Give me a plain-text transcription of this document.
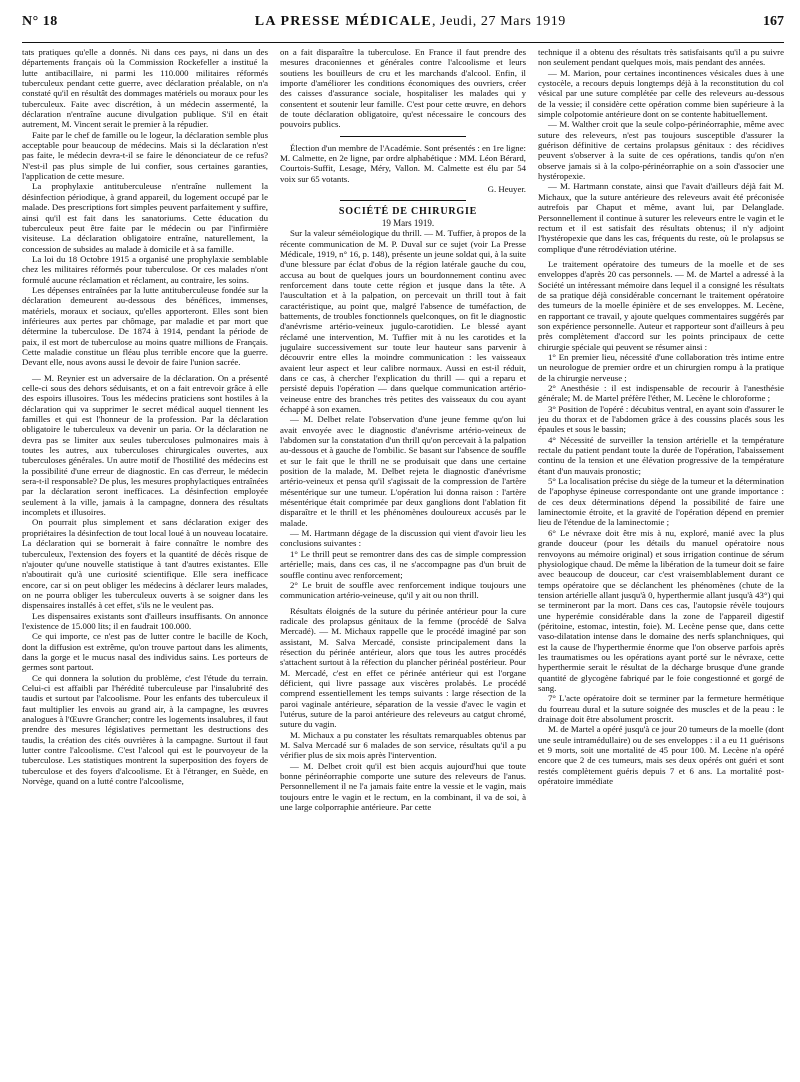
N° 18	LA PRESSE MÉDICALE, Jeudi, 27 Mars 1919	167

tats pratiques qu'elle a donnés. Ni dans ces pays, ni dans un des départements français où la Commission Rockefeller a institué la lutte antibacillaire, ni parmi les 110.000 militaires réformés tuberculeux pendant cette guerre, avec déclaration préalable, on n'a constaté qu'il en résultât des dommages matériels ou moraux pour les tuberculeux. Faite avec discrétion, à un médecin assermenté, la déclaration n'entraîne aucune divulgation publique. S'il en était autrement, M. Vincent serait le premier à la répudier.

Faite par le chef de famille ou le logeur, la déclaration semble plus acceptable pour beaucoup de médecins. Mais si la déclaration n'est pas faite, le médecin devra-t-il se faire le dénonciateur de ce refus? N'est-il pas plus simple de lui confier, sous certaines garanties, l'application de cette mesure.

La prophylaxie antituberculeuse n'entraîne nullement la désinfection périodique, à grand appareil, du logement occupé par le malade. Des prescriptions fort simples peuvent parfaitement y suffire, ainsi qu'il est fait dans les sanatoriums. Cette éducation du tuberculeux peut être faite par le médecin ou par l'infirmière visiteuse. La déclaration obligatoire entraîne, naturellement, la concession de subsides au malade à domicile et à sa famille.

La loi du 18 Octobre 1915 a organisé une prophylaxie semblable chez les militaires réformés pour tuberculose. Or ces malades n'ont formulé aucune réclamation et réclament, au contraire, les soins.

Les dépenses entraînées par la lutte antituberculeuse fondée sur la déclaration demeurent au-dessous des bénéfices, immenses, matériels, moraux et sociaux, qu'elles apporteront. Elles sont bien inférieures aux pertes par chômage, par maladie et par mort que détermine la tuberculose. De 1874 à 1914, pendant la période de paix, il est mort de tuberculose au moins quatre millions de Français. Cette maladie constitue un fléau plus terrible encore que la guerre. Devant elle, nous avons aussi le devoir de faire l'union sacrée.

— M. Reynier est un adversaire de la déclaration. On a présenté celle-ci sous des dehors séduisants, et on a fait entrevoir grâce à elle des espoirs illusoires. Tous les médecins praticiens sont hostiles à la déclaration qui va supprimer le secret médical auquel tiennent les familles et qui est l'honneur de la profession. Par la déclaration obligatoire le tuberculeux va devenir un paria. Or la déclaration ne devra pas se limiter aux seules tuberculoses pulmonaires mais à toutes les autres, aux tuberculoses chirurgicales ouvertes, aux tuberculoses générales. Un autre motif de l'hostilité des médecins est la possibilité d'une erreur de diagnostic. En cas d'erreur, le médecin sera-t-il responsable? De plus, les mesures prophylactiques entraînées par la déclaration seront inefficaces. La désinfection employée seulement à la ville, jamais à la campagne, donnera des résultats incomplets et illusoires.

On pourrait plus simplement et sans déclaration exiger des propriétaires la désinfection de tout local loué à un nouveau locataire. La déclaration qui se bornerait à faire connaître le nombre des tuberculeux, l'extension des foyers et la quantité de décès risque de n'ajouter qu'une nouvelle statistique à tant d'autres existantes. Elle n'aboutirait qu'à une curiosité scientifique. Elle sera inefficace encore, car si on peut obliger les médecins à déclarer leurs malades, on ne pourra obliger les tuberculeux ouverts à se soigner dans les dispensaires installés à cet effet, s'ils ne le veulent pas.

Les dispensaires existants sont d'ailleurs insuffisants. On annonce l'existence de 15.000 lits; il en faudrait 100.000.

Ce qui importe, ce n'est pas de lutter contre le bacille de Koch, dont la diffusion est extrême, qu'on trouve partout dans les aliments, dans la gorge et le mucus nasal des individus sains. Les porteurs de germes sont partout.

Ce qui donnera la solution du problème, c'est l'étude du terrain. Celui-ci est affaibli par l'hérédité tuberculeuse par l'insalubrité des taudis et surtout par l'alcoolisme. Pour les enfants des tuberculeux il faut multiplier les envois au grand air, à la campagne, les œuvres analogues à l'Œuvre Grancher; contre les logements insalubres, il faut prendre des mesures législatives permettant les destructions des taudis, la création des cités ouvrières à la campagne. Surtout il faut lutter contre l'alcoolisme. C'est l'alcool qui est le pourvoyeur de la tuberculose. Les statistiques montrent la superposition des foyers de tuberculose et des foyers d'alcoolisme. Et à l'étranger, en Suède, en Norvège, quand on a lutté contre l'alcoolisme,

on a fait disparaître la tuberculose. En France il faut prendre des mesures draconiennes et générales contre l'alcoolisme et leurs soutiens les bouilleurs de cru et les marchands d'alcool. Enfin, il importe d'améliorer les conditions économiques des ouvriers, créer des caisses d'assurance sociale, hospitaliser les malades qui y consentent et soutenir leur famille. C'est pour cette œuvre, en dehors de toute déclaration obligatoire, qu'est nécessaire le concours des pouvoirs publics.

Élection d'un membre de l'Académie. Sont présentés : en 1re ligne: M. Calmette, en 2e ligne, par ordre alphabétique : MM. Léon Bérard, Courtois-Suffit, Lesage, Méry, Vallon. M. Calmette est élu par 54 voix sur 65 votants.

G. Heuyer.

SOCIÉTÉ DE CHIRURGIE

19 Mars 1919.

Sur la valeur séméiologique du thrill. — M. Tuffier, à propos de la récente communication de M. P. Duval sur ce sujet (voir La Presse Médicale, 1919, n° 16, p. 148), présente un jeune soldat qui, à la suite d'une blessure par éclat d'obus de la région latérale gauche du cou, accusa au bout de quelques jours un bourdonnement continu avec renforcement dans toute cette région et jusque dans la tête. A l'auscultation et à la palpation, on percevait un thrill tout à fait caractéristique, au point que, malgré l'absence de tuméfaction, de battements, de troubles fonctionnels quelconques, on fit le diagnostic d'anévrisme artério-veineux jugulo-carotidien. Le blessé ayant réclamé une intervention, M. Tuffier mit à nu les carotides et la jugulaire successivement sur toute leur hauteur sans parvenir à découvrir entre elles la moindre communication : les vaisseaux avaient leur aspect et leur calibre normaux. Aussi en est-il réduit, dans ce cas, à chercher l'explication du thrill — qui a reparu et persisté depuis l'opération — dans quelque communication artério-veineuse entre des branches très petites des vaisseaux du cou ayant échappé à son examen.

— M. Delbet relate l'observation d'une jeune femme qu'on lui avait envoyée avec le diagnostic d'anévrisme artério-veineux de l'abdomen sur la constatation d'un thrill qu'on percevait à la palpation au-dessous et à gauche de l'ombilic. Se basant sur l'absence de souffle et sur le fait que le thrill ne se produisait que dans une certaine position de la malade, M. Delbet rejeta le diagnostic d'anévrisme artério-veineux et pensa qu'il s'agissait de la compression de l'artère mésentérique sur une tumeur. L'opération lui donna raison : l'artère mésentérique était comprimée par deux ganglions dont l'ablation fit disparaître et le thrill et les phénomènes douloureux accusés par le malade.

— M. Hartmann dégage de la discussion qui vient d'avoir lieu les conclusions suivantes :

1° Le thrill peut se remontrer dans des cas de simple compression artérielle; mais, dans ces cas, il ne s'accompagne pas d'un bruit de souffle continu avec renforcement;

2° Le bruit de souffle avec renforcement indique toujours une communication artério-veineuse, qu'il y ait ou non thrill.

Résultats éloignés de la suture du périnée antérieur pour la cure radicale des prolapsus génitaux de la femme (procédé de Salva Mercadé). — M. Michaux rappelle que le procédé imaginé par son assistant, M. Salva Mercadé, consiste principalement dans la résection du périnée antérieur, alors que tous les autres procédés s'attachent surtout à la réfection du plancher périnéal postérieur. Pour M. Mercadé, c'est en effet ce périnée antérieur qui est l'organe déficient, qui livre passage aux viscères prolabés. Le procédé comprend essentiellement les temps suivants : large résection de la paroi vaginale antérieure, séparation de la vessie d'avec le vagin et l'utérus, suture de la paroi antérieure des releveurs au catgut chromé, suture du vagin.

M. Michaux a pu constater les résultats remarquables obtenus par M. Salva Mercadé sur 6 malades de son service, résultats qu'il a pu vérifier plus de six mois après l'intervention.

— M. Delbet croit qu'il est bien acquis aujourd'hui que toute bonne périnéorraphie comporte une suture des releveurs de l'anus. Personnellement il ne l'a jamais faite entre la vessie et le vagin, mais toujours entre le vagin et le rectum, en la combinant, il va de soi, à une large colporraphie antérieure. Par cette

technique il a obtenu des résultats très satisfaisants qu'il a pu suivre non seulement pendant quelques mois, mais pendant des années.

— M. Marion, pour certaines incontinences vésicales dues à une cystocèle, a recours depuis longtemps déjà à la reconstitution du col vésical par une suture complétée par celle des releveurs au-dessous de la vessie; il considère cette opération comme bien supérieure à la simple colpotomie antérieure dont on se contente habituellement.

— M. Walther croit que la seule colpo-périnéorraphie, même avec suture des releveurs, n'est pas toujours susceptible d'assurer la guérison définitive de certains prolapsus génitaux : des récidives peuvent s'observer à la suite de ces opérations, tandis qu'on n'en observe jamais si à la colpo-périnéorraphie on a soin d'associer une hystéropexie.

— M. Hartmann constate, ainsi que l'avait d'ailleurs déjà fait M. Michaux, que la suture antérieure des releveurs avait été préconisée autrefois par Chaput et même, avant lui, par Delanglade. Personnellement il continue à suturer les releveurs entre le vagin et le rectum et il est satisfait des résultats obtenus; il n'y adjoint l'hystéropexie que dans les cas, fréquents du reste, où le prolapsus se complique d'une rétrodéviation utérine.

Le traitement opératoire des tumeurs de la moelle et de ses enveloppes d'après 20 cas personnels. — M. de Martel a adressé à la Société un intéressant mémoire dans lequel il a consigné les résultats de sa pratique déjà considérable concernant le traitement opératoire des tumeurs de la moelle épinière et de ses enveloppes. M. Lecène, en rapportant ce travail, y ajoute quelques commentaires suggérés par son expérience personnelle. Auteur et rapporteur sont d'ailleurs à peu près complètement d'accord sur les points principaux de cette chirurgie spéciale qui peuvent se résumer ainsi :

1° En premier lieu, nécessité d'une collaboration très intime entre un neurologue de premier ordre et un chirurgien rompu à la pratique de la chirurgie nerveuse ;

2° Anesthésie : il est indispensable de recourir à l'anesthésie générale; M. de Martel préfère l'éther, M. Lecène le chloroforme ;

3° Position de l'opéré : décubitus ventral, en ayant soin d'assurer le jeu du thorax et de l'abdomen grâce à des coussins placés sous les épaules et sous le bassin;

4° Nécessité de surveiller la tension artérielle et la température rectale du patient pendant toute la durée de l'opération, l'abaissement continu de la tension et une élévation progressive de la température étant d'un mauvais pronostic;

5° La localisation précise du siège de la tumeur et la détermination de l'apophyse épineuse correspondante ont une grande importance : de ces deux déterminations dépend la possibilité de faire une laminectomie étroite, et la gravité de l'opération dépend en premier lieu de l'étendue de la laminectomie ;

6° Le névraxe doit être mis à nu, exploré, manié avec la plus grande douceur (pour les détails du manuel opératoire nous renvoyons au mémoire original) et sous irrigation continue de sérum physiologique chaud. De même la libération de la tumeur doit se faire avec beaucoup de douceur, car c'est vraisemblablement durant ce temps opératoire que se déclanchent les phénomènes (chute de la tension artérielle allant jusqu'à 0, hyperthermie allant jusqu'à 43°) qui se termineront par la mort. Dans ces cas, l'autopsie révèle toujours une hyperémie considérable dans la zone de l'appareil digestif (péritoine, estomac, intestin, foie). M. Lecène pense que, dans cette vaso-dilatation intense dans le domaine des nerfs splanchniques, qui est la cause de l'hyperthermie énorme que l'on observe parfois après les traumatismes ou les opérations ayant porté sur le névraxe, cette hyperthermie serait le résultat de la décharge brusque d'une grande quantité de glycogène fabriqué par le foie congestionné et gorgé de sang.

7° L'acte opératoire doit se terminer par la fermeture hermétique du fourreau dural et la suture soignée des muscles et de la peau : le drainage doit être absolument proscrit.

M. de Martel a opéré jusqu'à ce jour 20 tumeurs de la moelle (dont une seule intramédullaire) ou de ses enveloppes : il a eu 11 guérisons et 9 morts, soit une mortalité de 45 pour 100. M. Lecène n'a opéré encore que 2 de ces tumeurs, mais ses deux opérés ont guéri et sont restés complètement guéris depuis 7 et 6 ans. La mortalité post-opératoire immédiate
